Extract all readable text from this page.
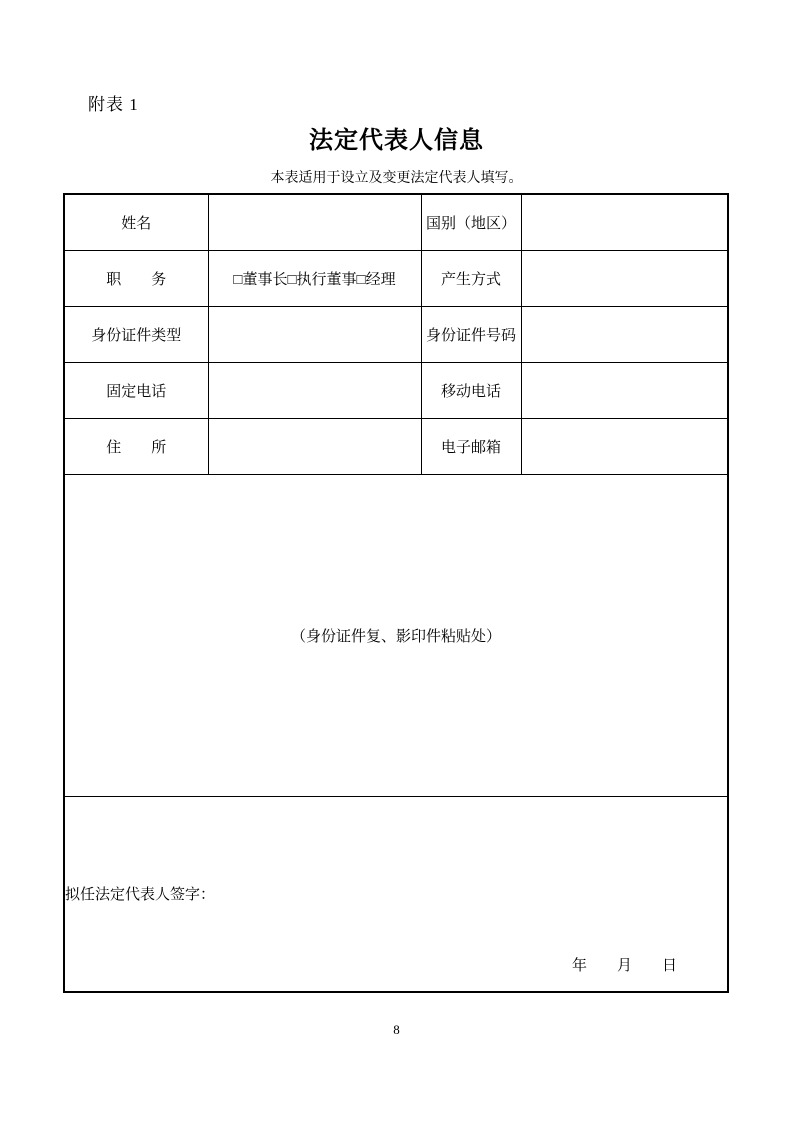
附表 1
法定代表人信息
本表适用于设立及变更法定代表人填写。
姓名		国别（地区）	
职　　务	□董事长□执行董事□经理	产生方式	
身份证件类型		身份证件号码	
固定电话		移动电话	
住　　所		电子邮箱	
（身份证件复、影印件粘贴处）			
拟任法定代表人签字：
年　　月　　日			
8
